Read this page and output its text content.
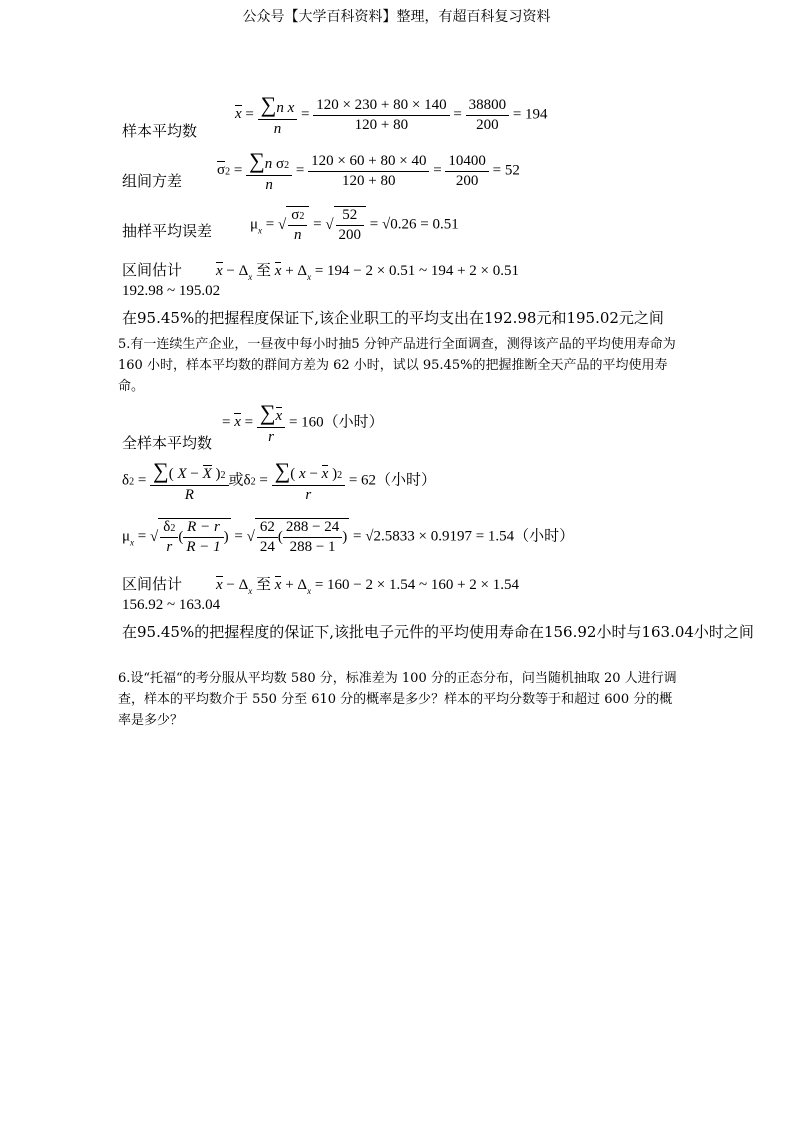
公众号【大学百科资料】整理，有超百科复习资料
样本平均数
$x = \frac{\text{∑n x}}{n} = \frac{120 \times 230 + 80 \times 140}{120 + 80} = \frac{38800}{200} = 194$
组间方差
$\sigma 2 = \frac{\text{∑n σ2}}{n} = \frac{120 \times 60 + 80 \times 40}{120 + 80} = \frac{10400}{200} = 52$
抽样平均误差	$\mu_x$ = √ $\frac{\sigma 2}{n}$ = √ $\frac{52}{200} = √0.26 = 0.51$
区间估计 $x - \Delta_x$ 至 $x + \Delta_x = 194 - 2 \times 0.51$ ~ 194 + 2 × 0.51
192.98 ~ 195.02
在95.45%的把握程度保证下,该企业职工的平均支出在192.98元和195.02元之间
5.有一连续生产企业，一昼夜中每小时抽5 分钟产品进行全面调查，测得该产品的平均使用寿命为 160 小时，样本平均数的群间方差为 62 小时，试以 95.45%的把握推断全天产品的平均使用寿命。
全样本平均数
= $x = \frac{\sum x}{r} = 160$（小时）
$\delta 2 = \frac{\sum( X - X )2}{R}$ 或$\delta 2 = \frac{\sum( x - x )2}{r} = 62$（小时）
$\mu_x$ = √ $\frac{\delta 2}{r}$ ( $\frac{R - r}{R - 1}$ ) = √ $\frac{62}{24}$ ( $\frac{288 - 24}{288 - 1}$ ) = √2.5833 × 0.9197 = 1.54（小时）
区间估计 $x - \Delta_x$ 至 $x + \Delta_x = 160 - 2 \times 1.54$ ~ 160 + 2 × 1.54
156.92 ~ 163.04
在95.45%的把握程度的保证下,该批电子元件的平均使用寿命在156.92小时与163.04小时之间
6.设“托福“的考分服从平均数 580 分，标准差为 100 分的正态分布，问当随机抽取 20 人进行调查，样本的平均数介于 550 分至 610 分的概率是多少？样本的平均分数等于和超过 600 分的概率是多少？
